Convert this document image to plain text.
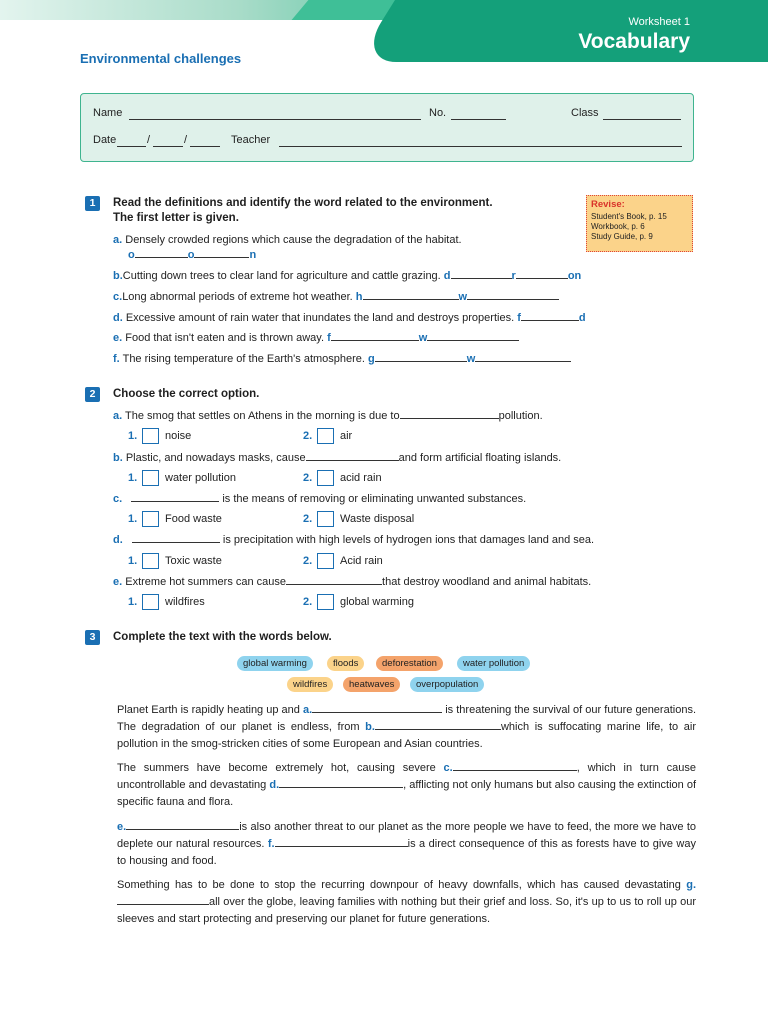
Worksheet 1
Vocabulary
Environmental challenges
Name	No.	Class
Date	/	/	Teacher
1	Read the definitions and identify the word related to the environment.
The first letter is given.
Revise:
Student's Book, p. 15
Workbook, p. 6
Study Guide, p. 9
a. Densely crowded regions which cause the degradation of the habitat.
o	o	n
b.Cutting down trees to clear land for agriculture and cattle grazing. d	r	on
c.Long abnormal periods of extreme hot weather. h	w
d. Excessive amount of rain water that inundates the land and destroys properties. f	d
e. Food that isn't eaten and is thrown away. f	w
f. The rising temperature of the Earth's atmosphere. g	w
2	Choose the correct option.
a. The smog that settles on Athens in the morning is due to	pollution.
1.	noise	2.	air
b. Plastic, and nowadays masks, cause	and form artificial floating islands.
1.	water pollution	2.	acid rain
c.	is the means of removing or eliminating unwanted substances.
1.	Food waste	2.	Waste disposal
d.	is precipitation with high levels of hydrogen ions that damages land and sea.
1.	Toxic waste	2.	Acid rain
e. Extreme hot summers can cause	that destroy woodland and animal habitats.
1.	wildfires	2.	global warming
3	Complete the text with the words below.
global warming	floods	deforestation	water pollution
wildfires	heatwaves	overpopulation
Planet Earth is rapidly heating up and a.	is threatening the survival of our future generations. The degradation of our planet is endless, from b.	which is suffocating marine life, to air pollution in the smog-stricken cities of some European and Asian countries.
The summers have become extremely hot, causing severe c.	, which in turn cause uncontrollable and devastating d.	, afflicting not only humans but also causing the extinction of specific fauna and flora.
e.	is also another threat to our planet as the more people we have to feed, the more we have to deplete our natural resources. f.	is a direct consequence of this as forests have to give way to housing and food.
Something has to be done to stop the recurring downpour of heavy downfalls, which has caused devastating g.all over the globe, leaving families with nothing but their grief and loss. So, it's up to us to roll up our sleeves and start protecting and preserving our planet for future generations.
